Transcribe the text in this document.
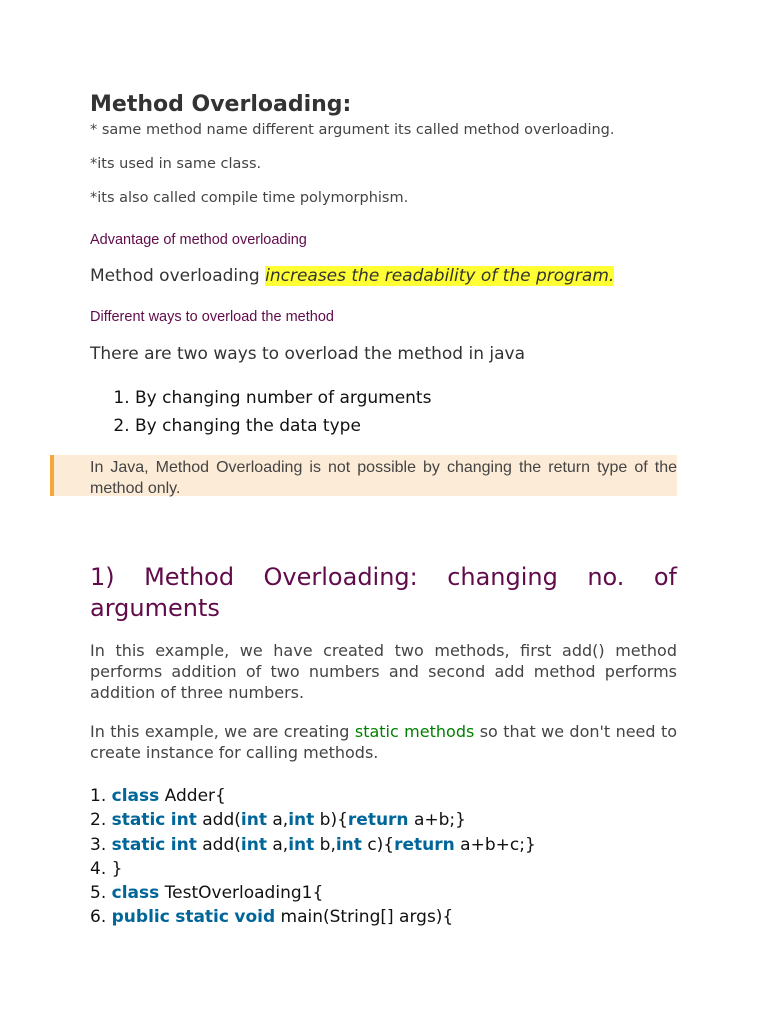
Method Overloading:
* same method name different argument its called method overloading.
*its used in same class.
*its also called compile time polymorphism.
Advantage of method overloading
Method overloading increases the readability of the program.
Different ways to overload the method
There are two ways to overload the method in java
1. By changing number of arguments
2. By changing the data type
In Java, Method Overloading is not possible by changing the return type of the method only.
1) Method Overloading: changing no. of arguments
In this example, we have created two methods, first add() method performs addition of two numbers and second add method performs addition of three numbers.
In this example, we are creating static methods so that we don't need to create instance for calling methods.
1. class Adder{
2. static int add(int a,int b){return a+b;}
3. static int add(int a,int b,int c){return a+b+c;}
4. }
5. class TestOverloading1{
6. public static void main(String[] args){
